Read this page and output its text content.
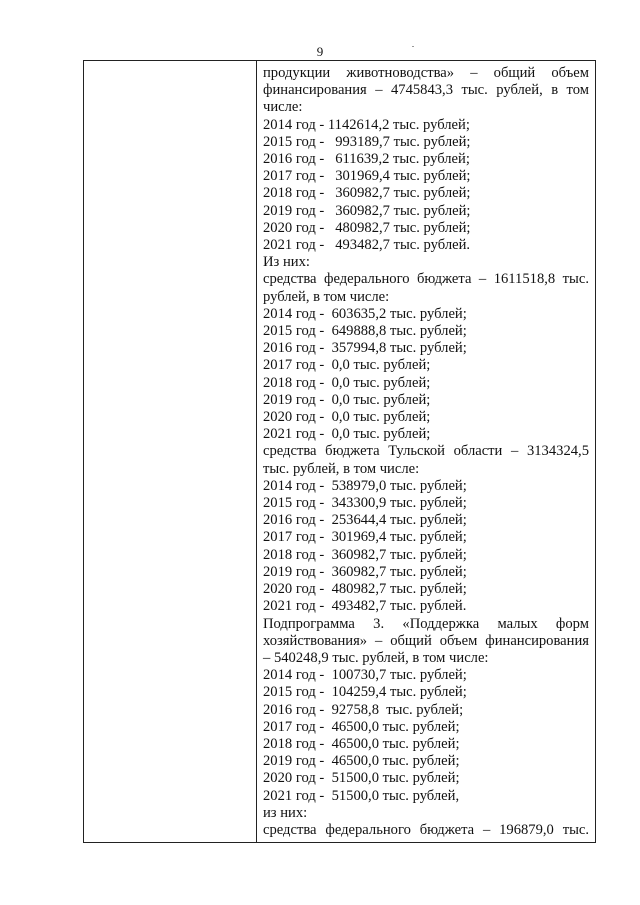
9
продукции животноводства» – общий объем
финансирования – 4745843,3 тыс. рублей, в том
числе:
2014 год - 1142614,2 тыс. рублей;
2015 год -   993189,7 тыс. рублей;
2016 год -   611639,2 тыс. рублей;
2017 год -   301969,4 тыс. рублей;
2018 год -   360982,7 тыс. рублей;
2019 год -   360982,7 тыс. рублей;
2020 год -   480982,7 тыс. рублей;
2021 год -   493482,7 тыс. рублей.
Из них:
средства федерального бюджета – 1611518,8 тыс.
рублей, в том числе:
2014 год -  603635,2 тыс. рублей;
2015 год -  649888,8 тыс. рублей;
2016 год -  357994,8 тыс. рублей;
2017 год -  0,0 тыс. рублей;
2018 год -  0,0 тыс. рублей;
2019 год -  0,0 тыс. рублей;
2020 год -  0,0 тыс. рублей;
2021 год -  0,0 тыс. рублей;
средства бюджета Тульской области – 3134324,5
тыс. рублей, в том числе:
2014 год -  538979,0 тыс. рублей;
2015 год -  343300,9 тыс. рублей;
2016 год -  253644,4 тыс. рублей;
2017 год -  301969,4 тыс. рублей;
2018 год -  360982,7 тыс. рублей;
2019 год -  360982,7 тыс. рублей;
2020 год -  480982,7 тыс. рублей;
2021 год -  493482,7 тыс. рублей.
Подпрограмма 3. «Поддержка малых форм
хозяйствования» – общий объем финансирования
– 540248,9 тыс. рублей, в том числе:
2014 год -  100730,7 тыс. рублей;
2015 год -  104259,4 тыс. рублей;
2016 год -  92758,8  тыс. рублей;
2017 год -  46500,0 тыс. рублей;
2018 год -  46500,0 тыс. рублей;
2019 год -  46500,0 тыс. рублей;
2020 год -  51500,0 тыс. рублей;
2021 год -  51500,0 тыс. рублей,
из них:
средства федерального бюджета – 196879,0 тыс.
